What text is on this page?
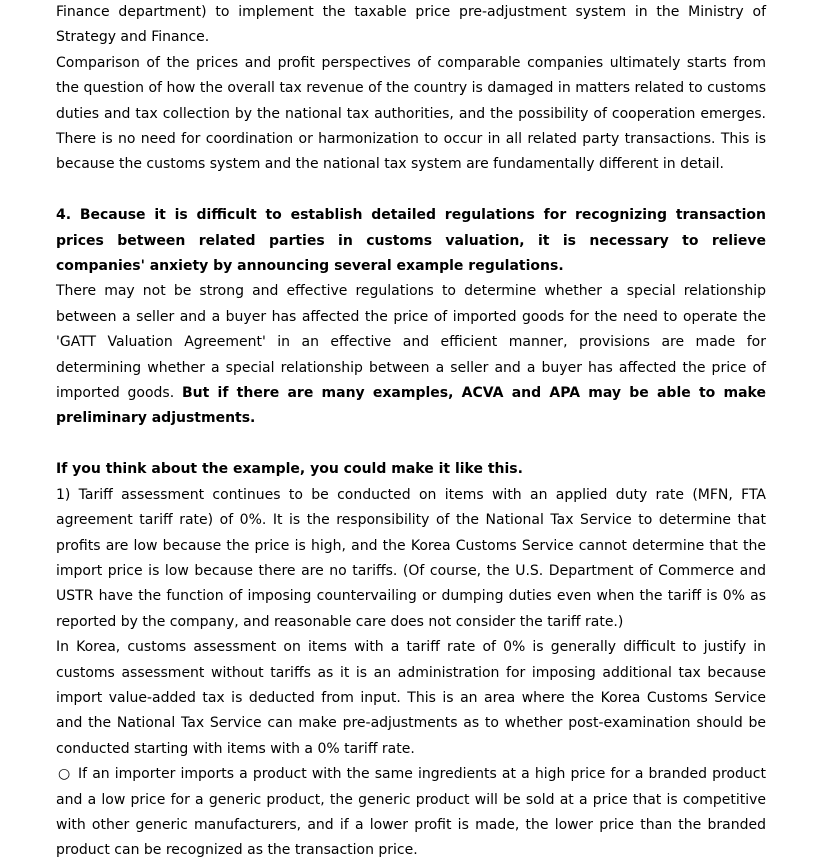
Finance department) to implement the taxable price pre-adjustment system in the Ministry of Strategy and Finance.

Comparison of the prices and profit perspectives of comparable companies ultimately starts from the question of how the overall tax revenue of the country is damaged in matters related to customs duties and tax collection by the national tax authorities, and the possibility of cooperation emerges. There is no need for coordination or harmonization to occur in all related party transactions. This is because the customs system and the national tax system are fundamentally different in detail.

4. Because it is difficult to establish detailed regulations for recognizing transaction prices between related parties in customs valuation, it is necessary to relieve companies' anxiety by announcing several example regulations.

There may not be strong and effective regulations to determine whether a special relationship between a seller and a buyer has affected the price of imported goods for the need to operate the 'GATT Valuation Agreement' in an effective and efficient manner, provisions are made for determining whether a special relationship between a seller and a buyer has affected the price of imported goods. But if there are many examples, ACVA and APA may be able to make preliminary adjustments.

If you think about the example, you could make it like this.

1) Tariff assessment continues to be conducted on items with an applied duty rate (MFN, FTA agreement tariff rate) of 0%. It is the responsibility of the National Tax Service to determine that profits are low because the price is high, and the Korea Customs Service cannot determine that the import price is low because there are no tariffs. (Of course, the U.S. Department of Commerce and USTR have the function of imposing countervailing or dumping duties even when the tariff is 0% as reported by the company, and reasonable care does not consider the tariff rate.)

In Korea, customs assessment on items with a tariff rate of 0% is generally difficult to justify in customs assessment without tariffs as it is an administration for imposing additional tax because import value-added tax is deducted from input. This is an area where the Korea Customs Service and the National Tax Service can make pre-adjustments as to whether post-examination should be conducted starting with items with a 0% tariff rate.

○ If an importer imports a product with the same ingredients at a high price for a branded product and a low price for a generic product, the generic product will be sold at a price that is competitive with other generic manufacturers, and if a lower profit is made, the lower price than the branded product can be recognized as the transaction price.
